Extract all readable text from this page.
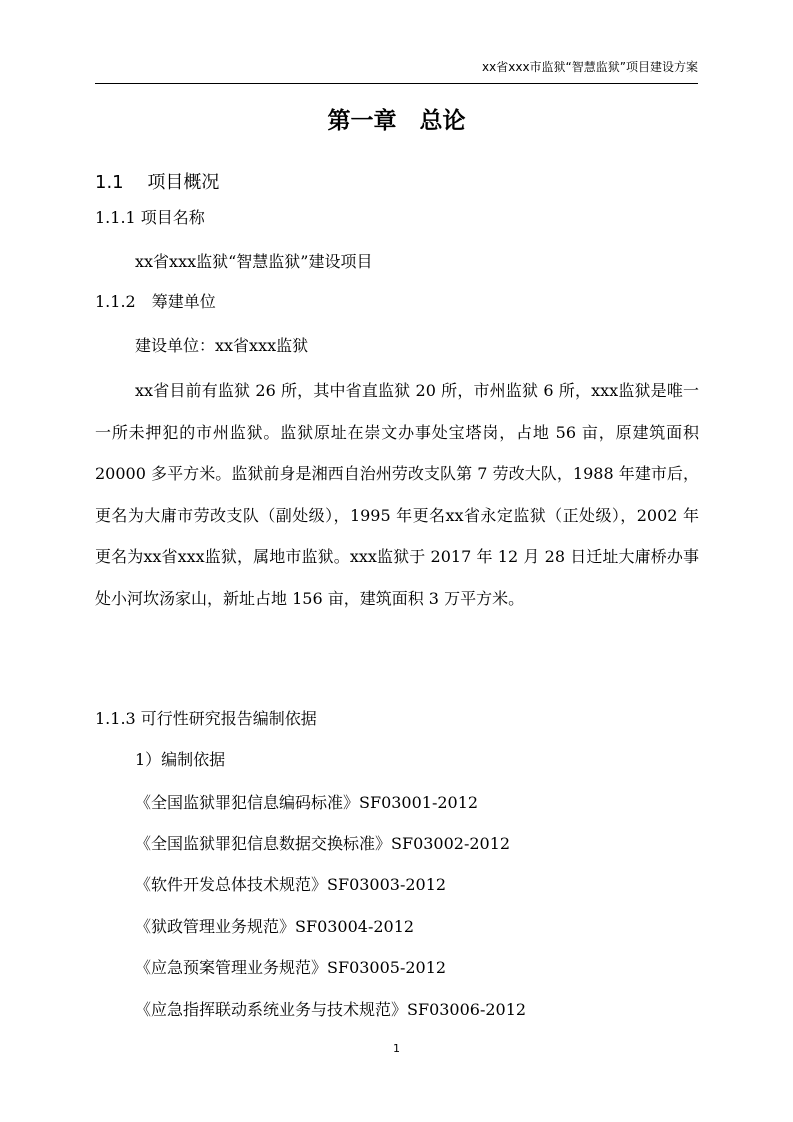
xx省xxx市监狱“智慧监狱”项目建设方案
第一章　总论
1.1　 项目概况
1.1.1 项目名称
xx省xxx监狱“智慧监狱”建设项目
1.1.2　筹建单位
建设单位：xx省xxx监狱

xx省目前有监狱 26 所，其中省直监狱 20 所，市州监狱 6 所，xxx监狱是唯一一所未押犯的市州监狱。监狱原址在崇文办事处宝塔岗，占地 56 亩，原建筑面积 20000 多平方米。监狱前身是湘西自治州劳改支队第 7 劳改大队，1988 年建市后，更名为大庸市劳改支队（副处级），1995 年更名xx省永定监狱（正处级），2002 年更名为xx省xxx监狱，属地市监狱。xxx监狱于 2017 年 12 月 28 日迁址大庸桥办事处小河坎汤家山，新址占地 156 亩，建筑面积 3 万平方米。

1.1.3 可行性研究报告编制依据
1）编制依据
《全国监狱罪犯信息编码标准》SF03001-2012
《全国监狱罪犯信息数据交换标准》SF03002-2012
《软件开发总体技术规范》SF03003-2012
《狱政管理业务规范》SF03004-2012
《应急预案管理业务规范》SF03005-2012
《应急指挥联动系统业务与技术规范》SF03006-2012
1
